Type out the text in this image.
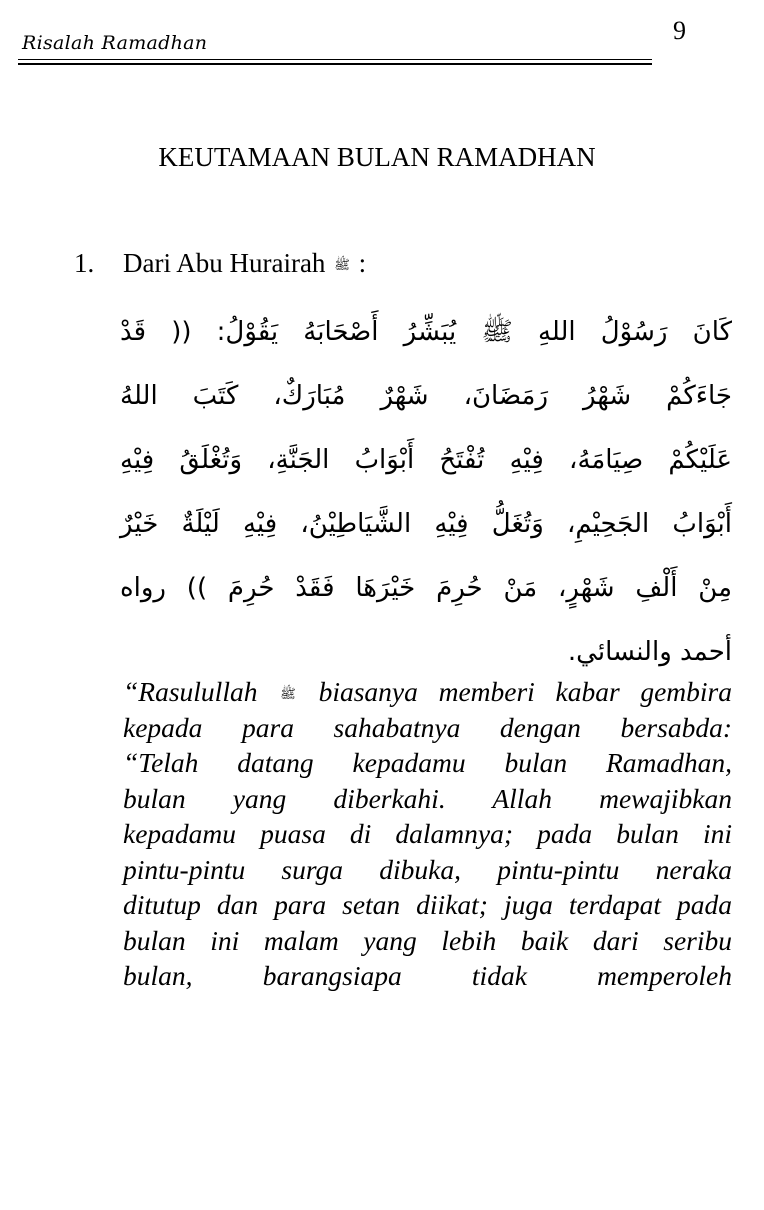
Risalah Ramadhan	9
KEUTAMAAN BULAN RAMADHAN
1. Dari Abu Hurairah ﷺ :
كَانَ رَسُوْلُ اللهِ ﷺ يُبَشِّرُ أَصْحَابَهُ يَقُوْلُ: (( قَدْ
جَاءَكُمْ شَهْرُ رَمَضَانَ، شَهْرٌ مُبَارَكٌ، كَتَبَ اللهُ
عَلَيْكُمْ صِيَامَهُ، فِيْهِ تُفْتَحُ أَبْوَابُ الجَنَّةِ، وَتُغْلَقُ فِيْهِ
أَبْوَابُ الجَحِيْمِ، وَتُغَلُّ فِيْهِ الشَّيَاطِيْنُ، فِيْهِ لَيْلَةٌ خَيْرٌ
مِنْ أَلْفِ شَهْرٍ، مَنْ حُرِمَ خَيْرَهَا فَقَدْ حُرِمَ )) رواه
أحمد والنسائي.
“Rasulullah ﷺ biasanya memberi kabar gembira
kepada para sahabatnya dengan bersabda:
“Telah datang kepadamu bulan Ramadhan,
bulan yang diberkahi. Allah mewajibkan
kepadamu puasa di dalamnya; pada bulan ini
pintu-pintu surga dibuka, pintu-pintu neraka
ditutup dan para setan diikat; juga terdapat pada
bulan ini malam yang lebih baik dari seribu
bulan, barangsiapa tidak memperoleh
